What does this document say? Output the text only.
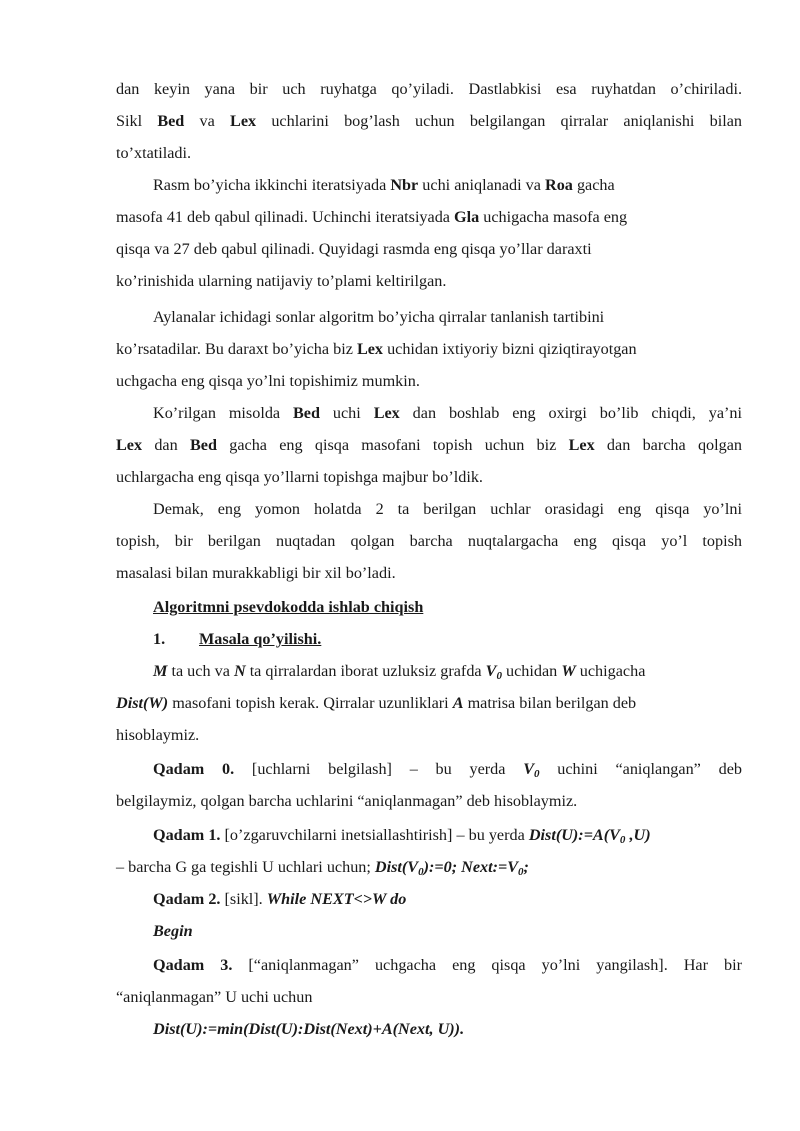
dan keyin yana bir uch ruyhatga qo’yiladi. Dastlabkisi esa ruyhatdan o’chiriladi.
Sikl Bed va Lex uchlarini bog’lash uchun belgilangan qirralar aniqlanishi bilan
to’xtatiladi.
Rasm bo’yicha ikkinchi iteratsiyada Nbr uchi aniqlanadi va Roa gacha
masofa 41 deb qabul qilinadi. Uchinchi iteratsiyada Gla uchigacha masofa eng
qisqa va 27 deb qabul qilinadi. Quyidagi rasmda eng qisqa yo’llar daraxti
ko’rinishida ularning natijaviy to’plami keltirilgan.
Aylanalar ichidagi sonlar algoritm bo’yicha qirralar tanlanish tartibini
ko’rsatadilar. Bu daraxt bo’yicha biz Lex uchidan ixtiyoriy bizni qiziqtirayotgan
uchgacha eng qisqa yo’lni topishimiz mumkin.
Ko’rilgan misolda Bed uchi Lex dan boshlab eng oxirgi bo’lib chiqdi, ya’ni
Lex dan Bed gacha eng qisqa masofani topish uchun biz Lex dan barcha qolgan
uchlargacha eng qisqa yo’llarni topishga majbur bo’ldik.
Demak, eng yomon holatda 2 ta berilgan uchlar orasidagi eng qisqa yo’lni
topish, bir berilgan nuqtadan qolgan barcha nuqtalargacha eng qisqa yo’l topish
masalasi bilan murakkabligi bir xil bo’ladi.
Algoritmni psevdokodda ishlab chiqish
1. Masala qo’yilishi.
M ta uch va N ta qirralardan iborat uzluksiz grafda $V_0$ uchidan W uchigacha
Dist(W) masofani topish kerak. Qirralar uzunliklari A matrisa bilan berilgan deb
hisoblaymiz.
Qadam 0. [uchlarni belgilash] – bu yerda $V_0$ uchini “aniqlangan” deb
belgilaymiz, qolgan barcha uchlarini “aniqlanmagan” deb hisoblaymiz.
Qadam 1. [o’zgaruvchilarni inetsiallashtirish] – bu yerda $Dist(U):=A(V_0$ ,U)
– barcha G ga tegishli U uchlari uchun; $Dist(V_0):=0$; $Next:=V_0$;
Qadam 2. [sikl]. While NEXT<>W do
Begin
Qadam 3. [“aniqlanmagan” uchgacha eng qisqa yo’lni yangilash]. Har bir
“aniqlanmagan” U uchi uchun
Dist(U):=min(Dist(U):Dist(Next)+A(Next, U)).
